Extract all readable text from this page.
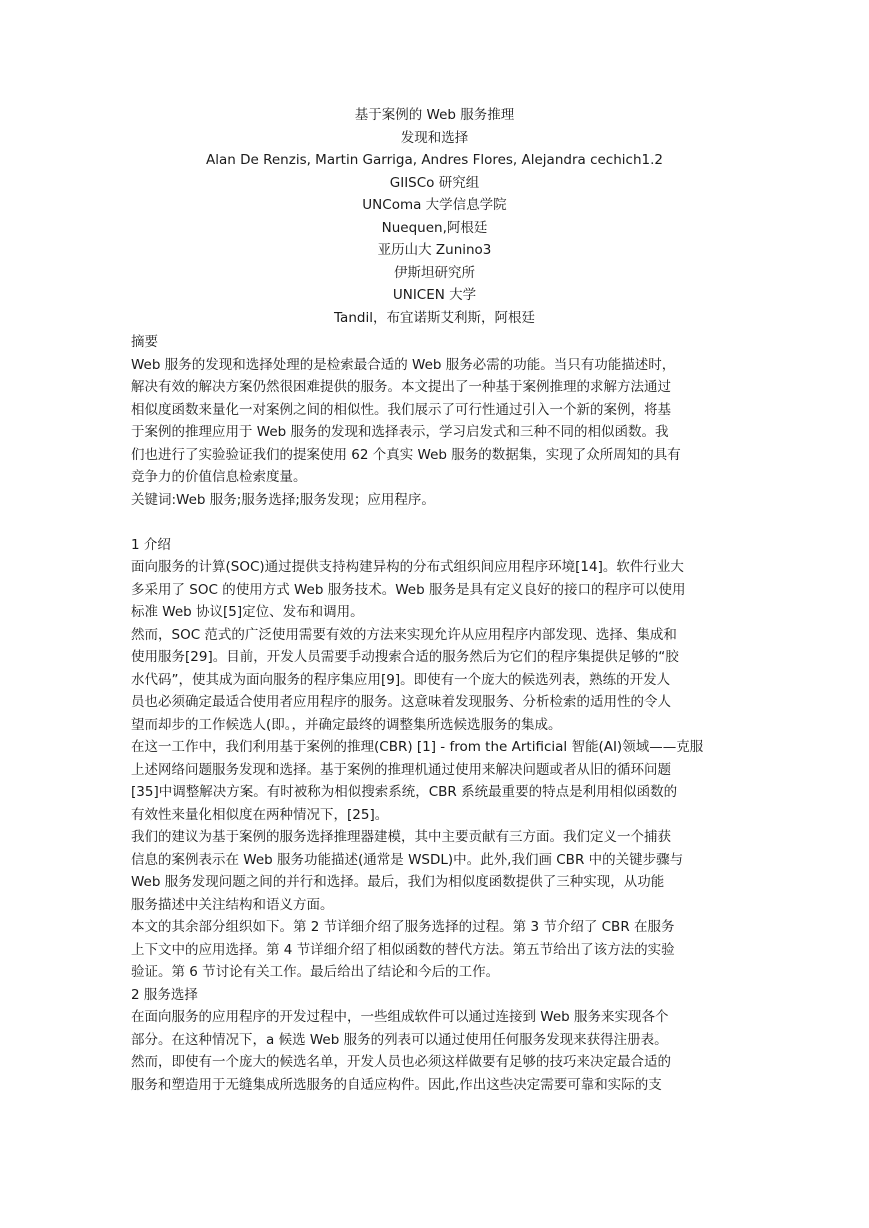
基于案例的 Web 服务推理
发现和选择
Alan De Renzis, Martin Garriga, Andres Flores, Alejandra cechich1.2
GIISCo 研究组
UNComa 大学信息学院
Nuequen,阿根廷
亚历山大 Zunino3
伊斯坦研究所
UNICEN 大学
Tandil，布宜诺斯艾利斯，阿根廷
摘要
Web 服务的发现和选择处理的是检索最合适的 Web 服务必需的功能。当只有功能描述时，
解决有效的解决方案仍然很困难提供的服务。本文提出了一种基于案例推理的求解方法通过
相似度函数来量化一对案例之间的相似性。我们展示了可行性通过引入一个新的案例，将基
于案例的推理应用于 Web 服务的发现和选择表示，学习启发式和三种不同的相似函数。我
们也进行了实验验证我们的提案使用 62 个真实 Web 服务的数据集，实现了众所周知的具有
竞争力的价值信息检索度量。
关键词:Web 服务;服务选择;服务发现；应用程序。
1 介绍
面向服务的计算(SOC)通过提供支持构建异构的分布式组织间应用程序环境[14]。软件行业大
多采用了 SOC 的使用方式 Web 服务技术。Web 服务是具有定义良好的接口的程序可以使用
标准 Web 协议[5]定位、发布和调用。
然而，SOC 范式的广泛使用需要有效的方法来实现允许从应用程序内部发现、选择、集成和
使用服务[29]。目前，开发人员需要手动搜索合适的服务然后为它们的程序集提供足够的“胶
水代码”，使其成为面向服务的程序集应用[9]。即使有一个庞大的候选列表，熟练的开发人
员也必须确定最适合使用者应用程序的服务。这意味着发现服务、分析检索的适用性的令人
望而却步的工作候选人(即。，并确定最终的调整集所选候选服务的集成。
在这一工作中，我们利用基于案例的推理(CBR) [1] - from the Artificial 智能(AI)领域——克服
上述网络问题服务发现和选择。基于案例的推理机通过使用来解决问题或者从旧的循环问题
[35]中调整解决方案。有时被称为相似搜索系统，CBR 系统最重要的特点是利用相似函数的
有效性来量化相似度在两种情况下，[25]。
我们的建议为基于案例的服务选择推理器建模，其中主要贡献有三方面。我们定义一个捕获
信息的案例表示在 Web 服务功能描述(通常是 WSDL)中。此外,我们画 CBR 中的关键步骤与
Web 服务发现问题之间的并行和选择。最后，我们为相似度函数提供了三种实现，从功能
服务描述中关注结构和语义方面。
本文的其余部分组织如下。第 2 节详细介绍了服务选择的过程。第 3 节介绍了 CBR 在服务
上下文中的应用选择。第 4 节详细介绍了相似函数的替代方法。第五节给出了该方法的实验
验证。第 6 节讨论有关工作。最后给出了结论和今后的工作。
2 服务选择
在面向服务的应用程序的开发过程中，一些组成软件可以通过连接到 Web 服务来实现各个
部分。在这种情况下，a 候选 Web 服务的列表可以通过使用任何服务发现来获得注册表。
然而，即使有一个庞大的候选名单，开发人员也必须这样做要有足够的技巧来决定最合适的
服务和塑造用于无缝集成所选服务的自适应构件。因此,作出这些决定需要可靠和实际的支
